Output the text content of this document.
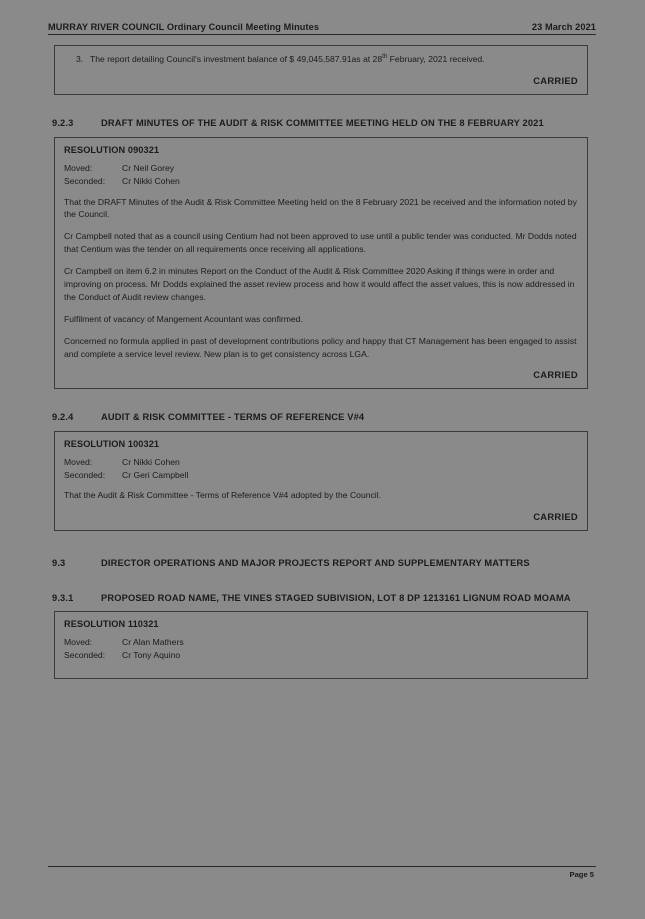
MURRAY RIVER COUNCIL Ordinary Council Meeting Minutes	23 March 2021
3. The report detailing Council's investment balance of $ 49,045,587.91as at 28th February, 2021 received.
CARRIED
9.2.3	DRAFT MINUTES OF THE AUDIT & RISK COMMITTEE MEETING HELD ON THE 8 FEBRUARY 2021
RESOLUTION 090321
Moved:	Cr Neil Gorey
Seconded: Cr Nikki Cohen
That the DRAFT Minutes of the Audit & Risk Committee Meeting held on the 8 February 2021 be received and the information noted by the Council.
Cr Campbell noted that as a council using Centium had not been approved to use until a public tender was conducted. Mr Dodds noted that Centium was the tender on all requirements once receiving all applications.
Cr Campbell on item 6.2 in minutes Report on the Conduct of the Audit & Risk Committee 2020 Asking if things were in order and improving on process. Mr Dodds explained the asset review process and how it would affect the asset values, this is now addressed in the Conduct of Audit review changes.
Fulfilment of vacancy of Mangement Acountant was confirmed.
Concerned no formula applied in past of development contributions policy and happy that CT Management has been engaged to assist and complete a service level review. New plan is to get consistency across LGA.
CARRIED
9.2.4	AUDIT & RISK COMMITTEE - TERMS OF REFERENCE V#4
RESOLUTION 100321
Moved:	Cr Nikki Cohen
Seconded: Cr Geri Campbell
That the Audit & Risk Committee - Terms of Reference V#4 adopted by the Council.
CARRIED
9.3	DIRECTOR OPERATIONS AND MAJOR PROJECTS REPORT AND SUPPLEMENTARY MATTERS
9.3.1	PROPOSED ROAD NAME, THE VINES STAGED SUBIVISION, LOT 8 DP 1213161 LIGNUM ROAD MOAMA
RESOLUTION 110321
Moved:	Cr Alan Mathers
Seconded: Cr Tony Aquino
Page 5
